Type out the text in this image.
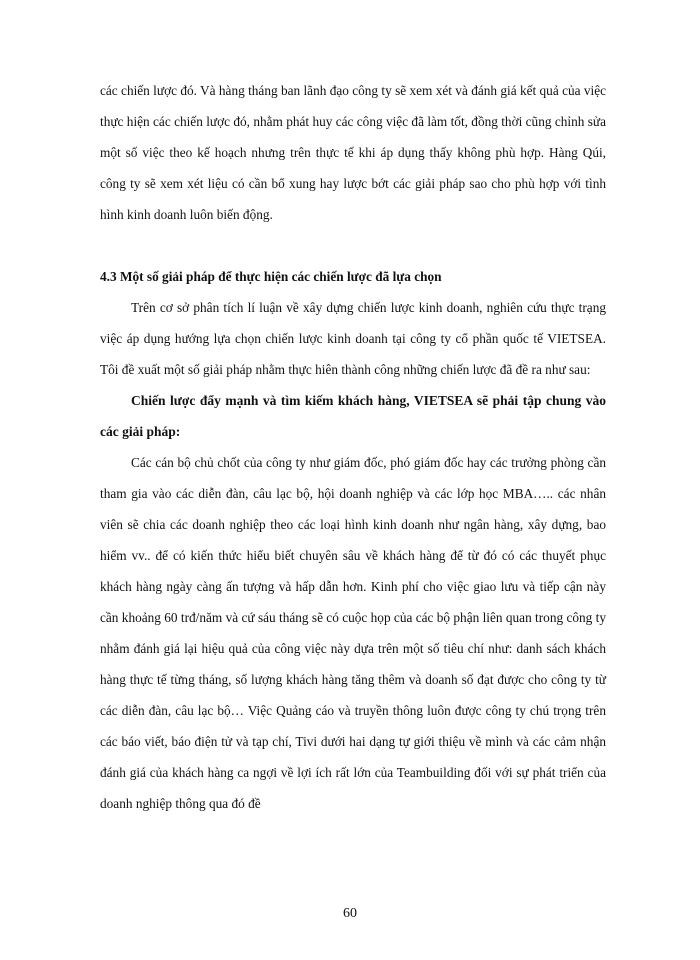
các chiến lược đó. Và hàng tháng ban lãnh đạo công ty sẽ xem xét và đánh giá kết quả của việc thực hiện các chiến lược đó, nhằm phát huy các công việc đã làm tốt, đồng thời cũng chỉnh sửa một số việc theo kế hoạch nhưng trên thực tế khi áp dụng thấy không phù hợp. Hàng Qúi, công ty sẽ xem xét liệu có cần bổ xung hay lược bớt các giải pháp sao cho phù hợp với tình hình kinh doanh luôn biến động.

4.3 Một số giải pháp để thực hiện các chiến lược đã lựa chọn

Trên cơ sở phân tích lí luận về xây dựng chiến lược kinh doanh, nghiên cứu thực trạng việc áp dụng hướng lựa chọn chiến lược kinh doanh tại công ty cổ phần quốc tế VIETSEA. Tôi đề xuất một số giải pháp nhằm thực hiên thành công những chiến lược đã đề ra như sau:

Chiến lược đẩy mạnh và tìm kiếm khách hàng, VIETSEA sẽ phải tập chung vào các giải pháp:

Các cán bộ chủ chốt của công ty như giám đốc, phó giám đốc hay các trưởng phòng cần tham gia vào các diễn đàn, câu lạc bộ, hội doanh nghiệp và các lớp học MBA….. các nhân viên sẽ chia các doanh nghiệp theo các loại hình kinh doanh như ngân hàng, xây dựng, bao hiểm vv.. để có kiến thức hiểu biết chuyên sâu về khách hàng để từ đó có các thuyết phục khách hàng ngày càng ấn tượng và hấp dẫn hơn. Kinh phí cho việc giao lưu và tiếp cận này cần khoảng 60 trđ/năm và cứ sáu tháng sẽ có cuộc họp của các bộ phận liên quan trong công ty nhằm đánh giá lại hiệu quả của công việc này dựa trên một số tiêu chí như: danh sách khách hàng thực tế từng tháng, số lượng khách hàng tăng thêm và doanh số đạt được cho công ty từ các diễn đàn, câu lạc bộ… Việc Quảng cáo và truyền thông luôn được công ty chú trọng trên các báo viết, báo điện tử và tạp chí, Tivi dưới hai dạng tự giới thiệu về mình và các cảm nhận đánh giá của khách hàng ca ngợi về lợi ích rất lớn của Teambuilding đối với sự phát triển của doanh nghiệp thông qua đó đề

60
